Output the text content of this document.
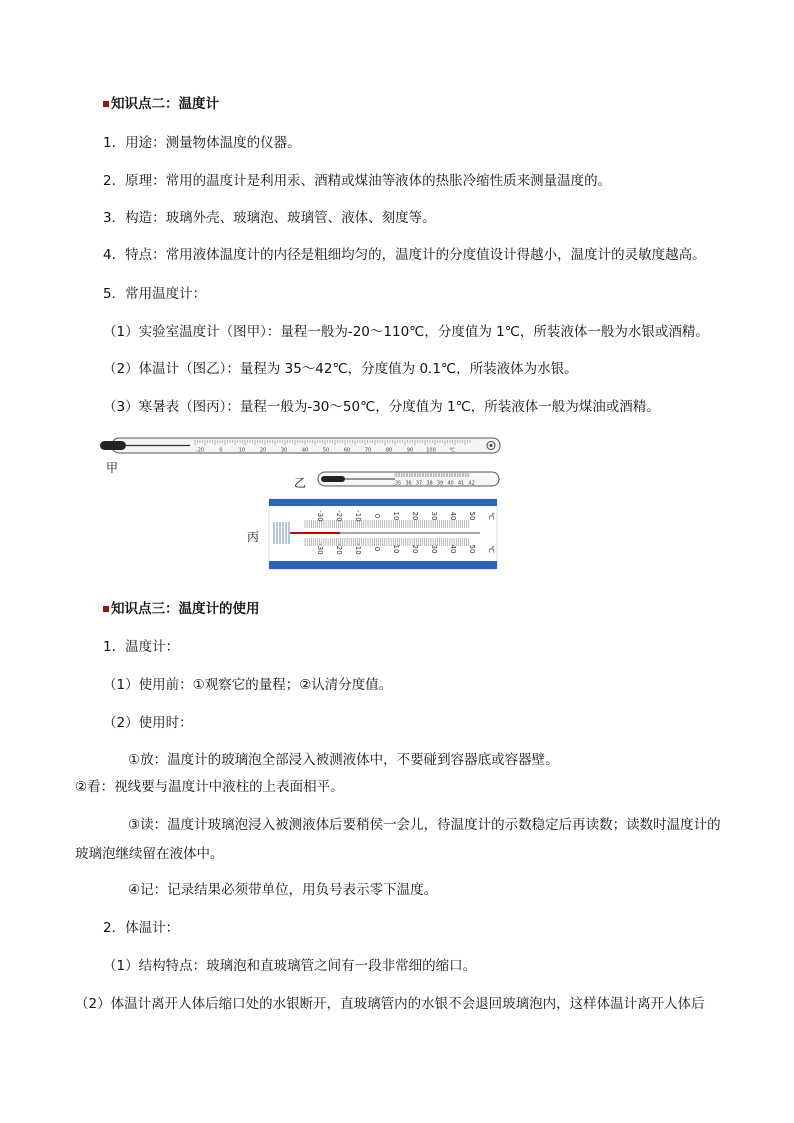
知识点二：温度计
1．用途：测量物体温度的仪器。
2．原理：常用的温度计是利用汞、酒精或煤油等液体的热胀冷缩性质来测量温度的。
3．构造：玻璃外壳、玻璃泡、玻璃管、液体、刻度等。
4．特点：常用液体温度计的内径是粗细均匀的，温度计的分度值设计得越小，温度计的灵敏度越高。
5．常用温度计：
（1）实验室温度计（图甲）：量程一般为-20～110℃，分度值为 1℃，所装液体一般为水银或酒精。
（2）体温计（图乙）：量程为 35～42℃，分度值为 0.1℃，所装液体为水银。
（3）寒暑表（图丙）：量程一般为-30～50℃，分度值为 1℃，所装液体一般为煤油或酒精。
甲
乙
丙
-20	0	10	20	30	40	50	60	70	80	90	100	℃
35 36 37 38 39 40 41 42
-30
-30
-20
-20
-10
-10
0
0
10
10
20
20
30
30
40
40
50
50
℃
℃
知识点三：温度计的使用
1．温度计：
（1）使用前：①观察它的量程；②认清分度值。
（2）使用时：
①放：温度计的玻璃泡全部浸入被测液体中，不要碰到容器底或容器壁。
②看：视线要与温度计中液柱的上表面相平。
③读：温度计玻璃泡浸入被测液体后要稍侯一会儿，待温度计的示数稳定后再读数；读数时温度计的
玻璃泡继续留在液体中。
④记：记录结果必须带单位，用负号表示零下温度。
2．体温计：
（1）结构特点：玻璃泡和直玻璃管之间有一段非常细的缩口。
（2）体温计离开人体后缩口处的水银断开，直玻璃管内的水银不会退回玻璃泡内，这样体温计离开人体后
